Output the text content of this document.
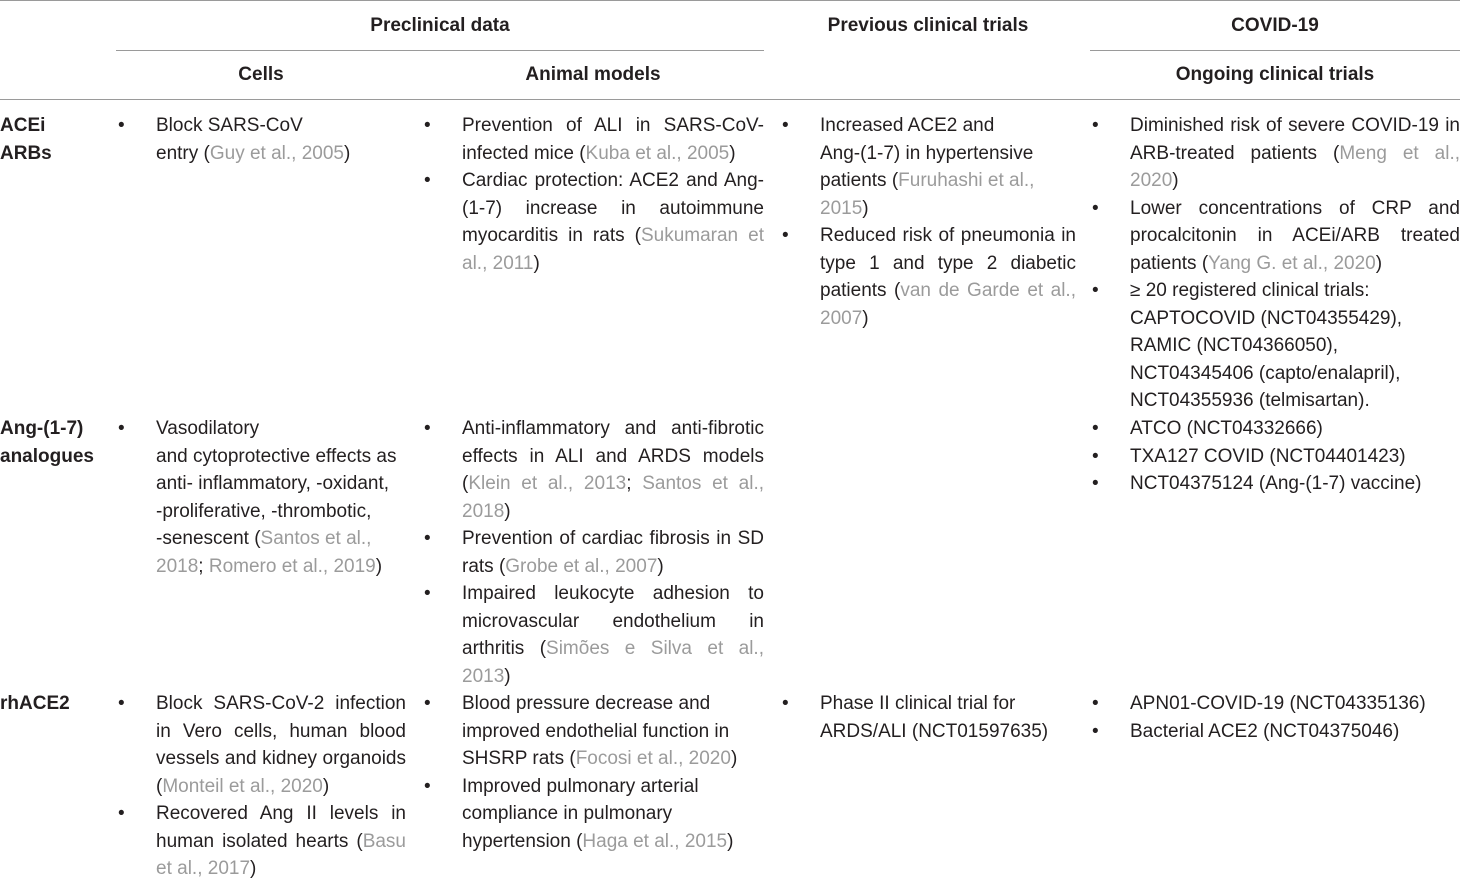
Preclinical data	Previous clinical trials	COVID-19
Cells	Animal models	Ongoing clinical trials
ACEi
ARBs
• Block SARS-CoV
entry (Guy et al., 2005)
• Prevention of ALI in SARS-CoV-infected mice (Kuba et al., 2005)
• Cardiac protection: ACE2 and Ang-(1-7) increase in autoimmune myocarditis in rats (Sukumaran et al., 2011)
• Increased ACE2 and
Ang-(1-7) in hypertensive patients (Furuhashi et al., 2015)
• Reduced risk of pneumonia in type 1 and type 2 diabetic patients (van de Garde et al., 2007)
• Diminished risk of severe COVID-19 in ARB-treated patients (Meng et al., 2020)
• Lower concentrations of CRP and procalcitonin in ACEi/ARB treated patients (Yang G. et al., 2020)
• ≥ 20 registered clinical trials:
CAPTOCOVID (NCT04355429),
RAMIC (NCT04366050),
NCT04345406 (capto/enalapril),
NCT04355936 (telmisartan).
Ang-(1-7)
analogues
• Vasodilatory
and cytoprotective effects as
anti- inflammatory, -oxidant,
-proliferative, -thrombotic,
-senescent (Santos et al., 2018; Romero et al., 2019)
• Anti-inflammatory and anti-fibrotic effects in ALI and ARDS models (Klein et al., 2013; Santos et al., 2018)
• Prevention of cardiac fibrosis in SD rats (Grobe et al., 2007)
• Impaired leukocyte adhesion to microvascular endothelium in arthritis (Simões e Silva et al., 2013)
• ATCO (NCT04332666)
• TXA127 COVID (NCT04401423)
• NCT04375124 (Ang-(1-7) vaccine)
rhACE2
•	Block SARS-CoV-2 infection in Vero cells, human blood vessels and kidney organoids (Monteil et al., 2020)
• Recovered Ang II levels in human isolated hearts (Basu et al., 2017)
• Blood pressure decrease and improved endothelial function in SHSRP rats (Focosi et al., 2020)
• Improved pulmonary arterial compliance in pulmonary hypertension (Haga et al., 2015)
• Phase II clinical trial for ARDS/ALI (NCT01597635)
• APN01-COVID-19 (NCT04335136)
• Bacterial ACE2 (NCT04375046)
